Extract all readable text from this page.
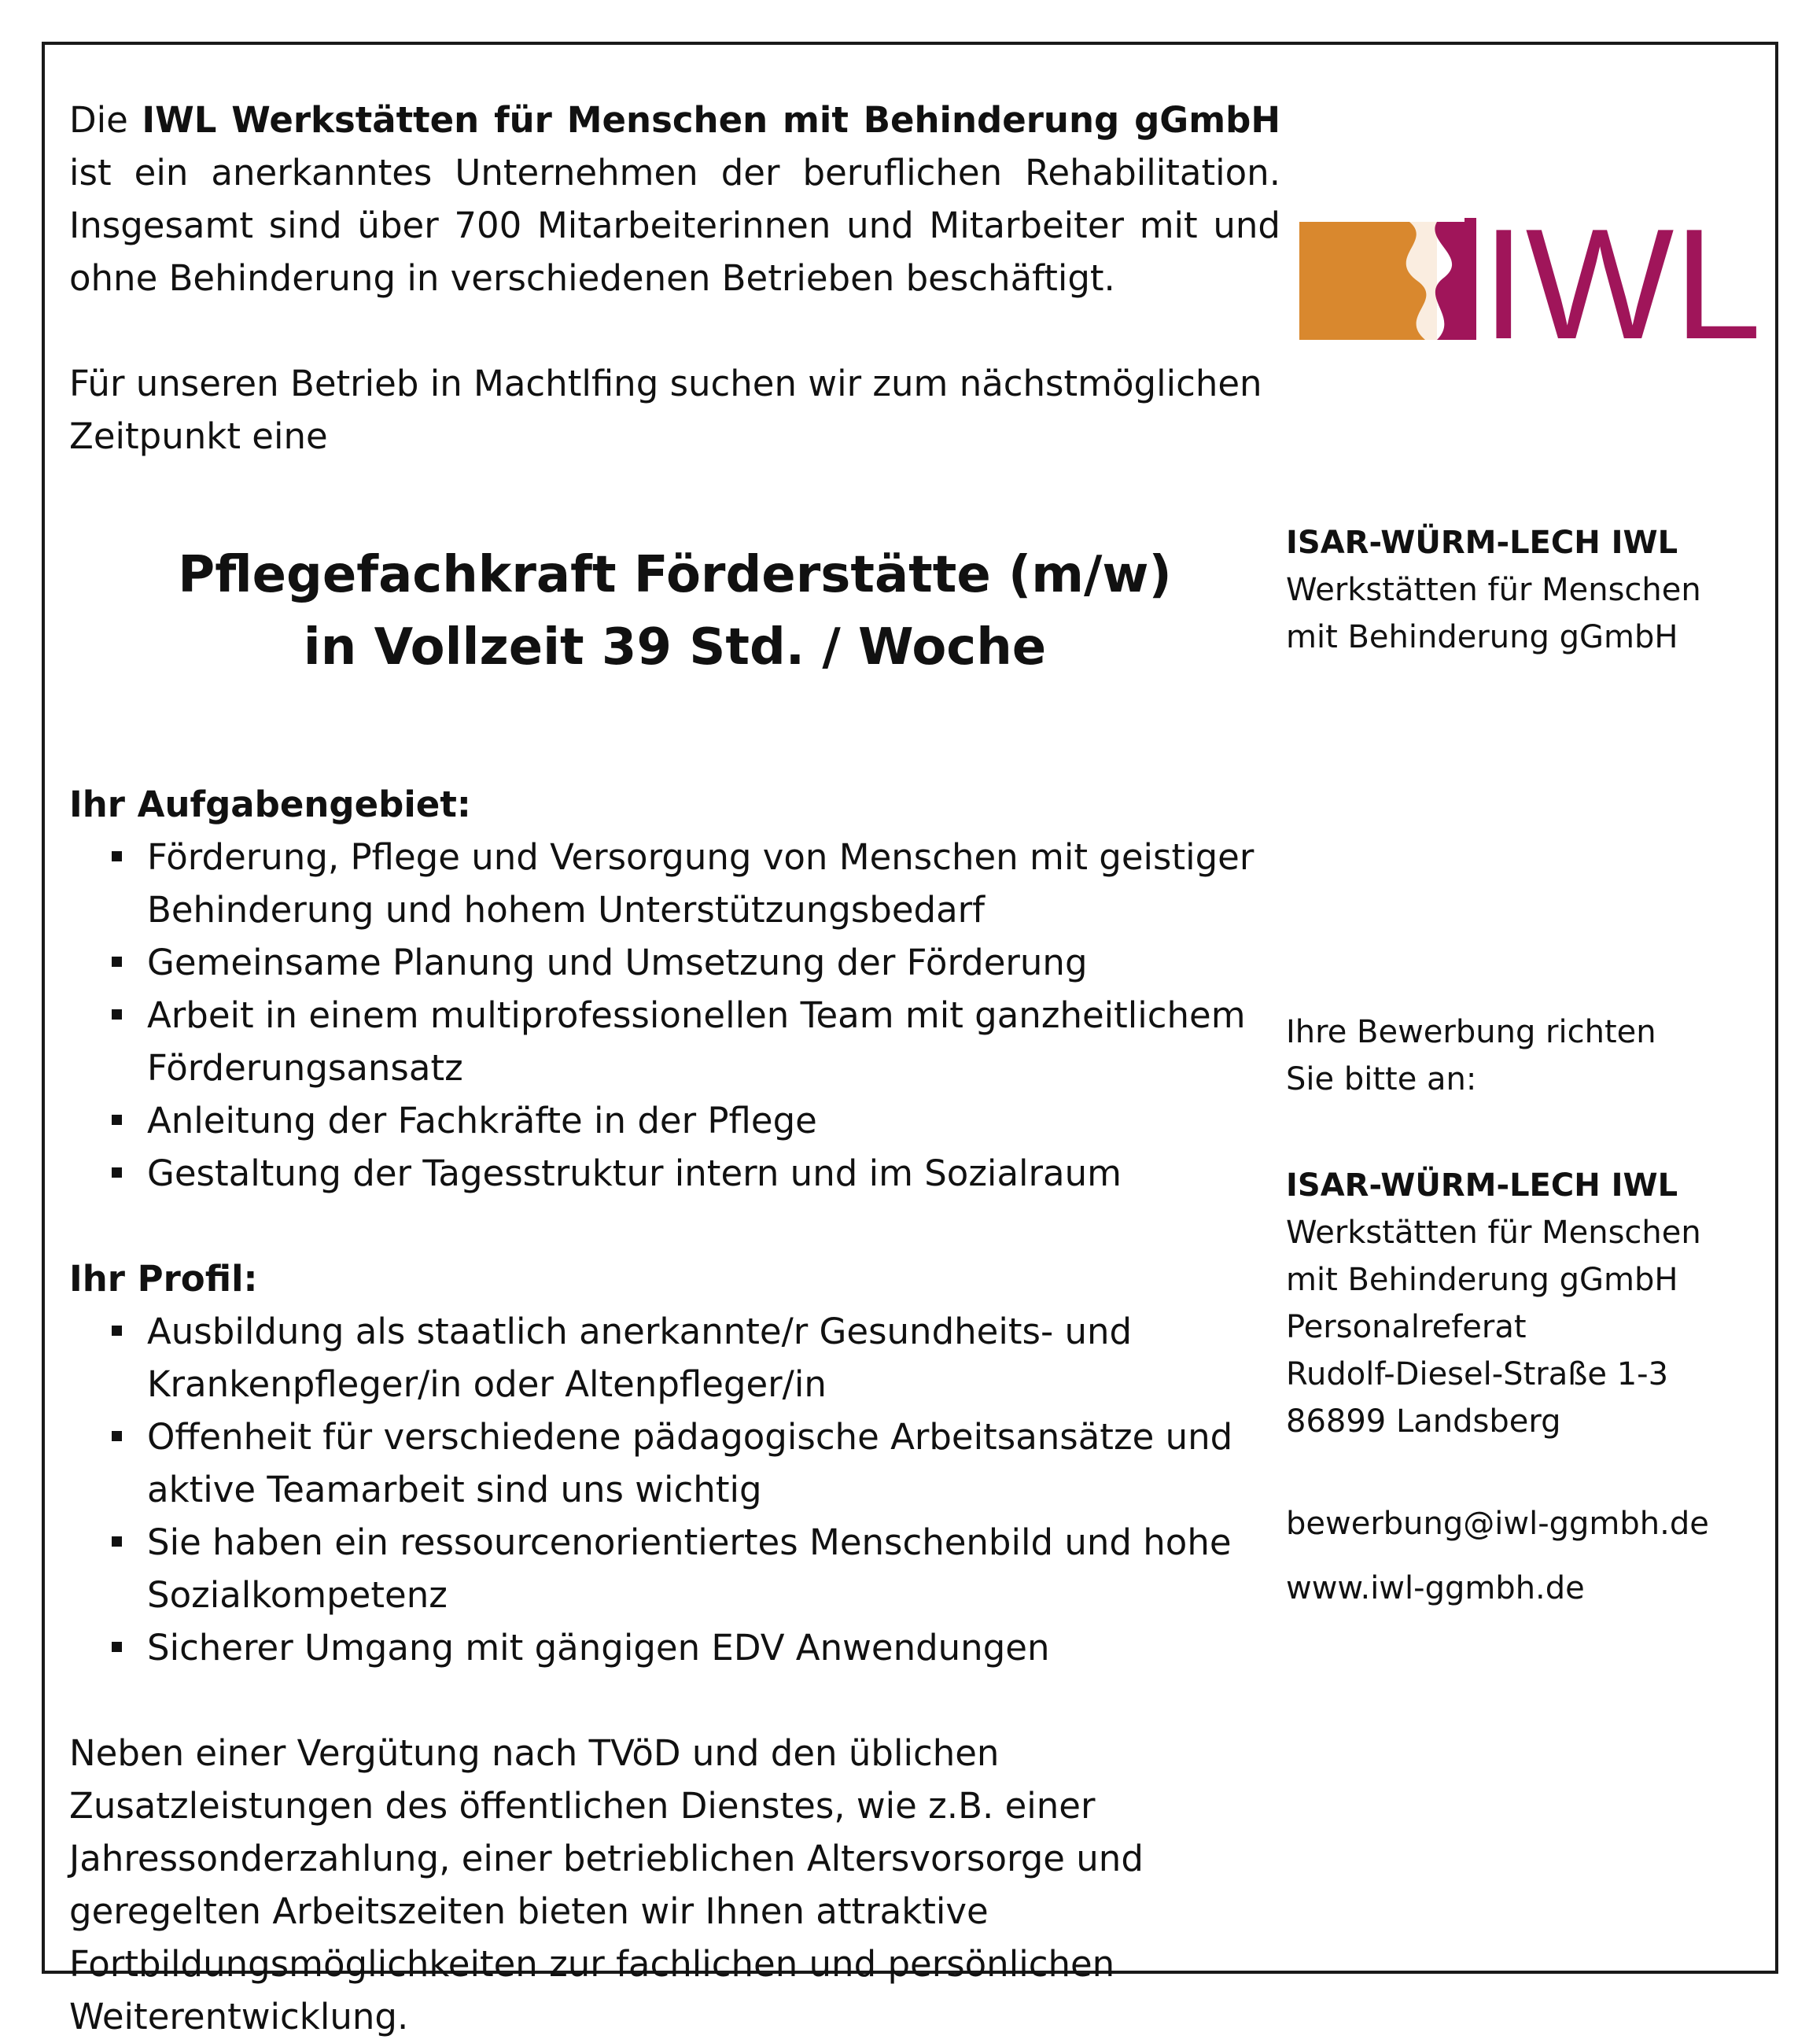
Die IWL Werkstätten für Menschen mit Behinderung gGmbH ist ein anerkanntes Unternehmen der beruflichen Rehabilitation. Insgesamt sind über 700 Mitarbeiterinnen und Mitarbeiter mit und ohne Behinderung in verschiedenen Betrieben beschäftigt.

Für unseren Betrieb in Machtlfing suchen wir zum nächstmöglichen Zeitpunkt eine

Pflegefachkraft Förderstätte (m/w)
in Vollzeit 39 Std. / Woche
Ihr Aufgabengebiet:
Förderung, Pflege und Versorgung von Menschen mit geistiger Behinderung und hohem Unterstützungsbedarf
Gemeinsame Planung und Umsetzung der Förderung
Arbeit in einem multiprofessionellen Team mit ganzheitlichem Förderungsansatz
Anleitung der Fachkräfte in der Pflege
Gestaltung der Tagesstruktur intern und im Sozialraum
Ihr Profil:
Ausbildung als staatlich anerkannte/r Gesundheits- und Krankenpfleger/in oder Altenpfleger/in
Offenheit für verschiedene pädagogische Arbeitsansätze und aktive Teamarbeit sind uns wichtig
Sie haben ein ressourcenorientiertes Menschenbild und hohe Sozialkompetenz
Sicherer Umgang mit gängigen EDV Anwendungen

Neben einer Vergütung nach TVöD und den üblichen Zusatzleistungen des öffentlichen Dienstes, wie z.B. einer Jahressonderzahlung, einer betrieblichen Altersvorsorge und geregelten Arbeitszeiten bieten wir Ihnen attraktive Fortbildungsmöglichkeiten zur fachlichen und persönlichen Weiterentwicklung.

IWL
ISAR-WÜRM-LECH IWL
Werkstätten für Menschen
mit Behinderung gGmbH
Ihre Bewerbung richten
Sie bitte an:
ISAR-WÜRM-LECH IWL
Werkstätten für Menschen
mit Behinderung gGmbH
Personalreferat
Rudolf-Diesel-Straße 1-3
86899 Landsberg
bewerbung@iwl-ggmbh.de
www.iwl-ggmbh.de
